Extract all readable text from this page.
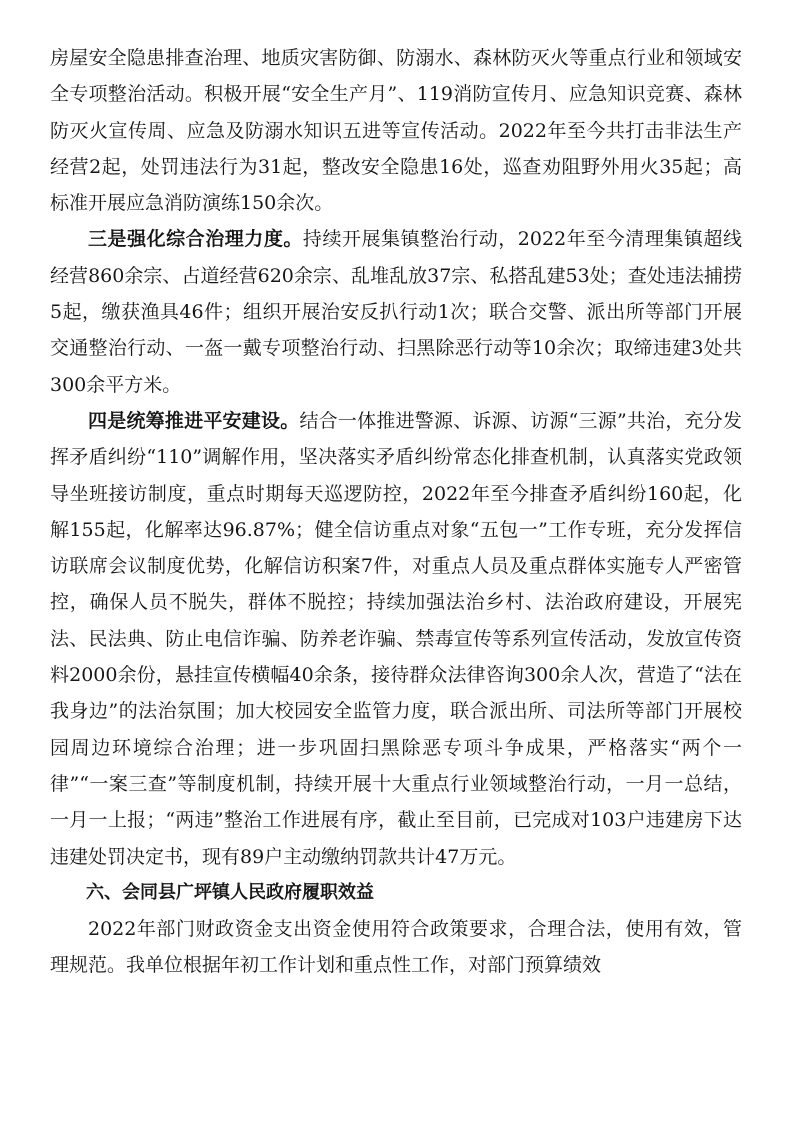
房屋安全隐患排查治理、地质灾害防御、防溺水、森林防灭火等重点行业和领域安全专项整治活动。积极开展“安全生产月”、119消防宣传月、应急知识竞赛、森林防灭火宣传周、应急及防溺水知识五进等宣传活动。2022年至今共打击非法生产经营2起，处罚违法行为31起，整改安全隐患16处，巡查劝阻野外用火35起；高标准开展应急消防演练150余次。

三是强化综合治理力度。持续开展集镇整治行动，2022年至今清理集镇超线经营860余宗、占道经营620余宗、乱堆乱放37宗、私搭乱建53处；查处违法捕捞5起，缴获渔具46件；组织开展治安反扒行动1次；联合交警、派出所等部门开展交通整治行动、一盔一戴专项整治行动、扫黑除恶行动等10余次；取缔违建3处共300余平方米。

四是统筹推进平安建设。结合一体推进警源、诉源、访源“三源”共治，充分发挥矛盾纠纷“110”调解作用，坚决落实矛盾纠纷常态化排查机制，认真落实党政领导坐班接访制度，重点时期每天巡逻防控，2022年至今排查矛盾纠纷160起，化解155起，化解率达96.87%；健全信访重点对象“五包一”工作专班，充分发挥信访联席会议制度优势，化解信访积案7件，对重点人员及重点群体实施专人严密管控，确保人员不脱失，群体不脱控；持续加强法治乡村、法治政府建设，开展宪法、民法典、防止电信诈骗、防养老诈骗、禁毒宣传等系列宣传活动，发放宣传资料2000余份，悬挂宣传横幅40余条，接待群众法律咨询300余人次，营造了“法在我身边”的法治氛围；加大校园安全监管力度，联合派出所、司法所等部门开展校园周边环境综合治理；进一步巩固扫黑除恶专项斗争成果，严格落实“两个一律”“一案三查”等制度机制，持续开展十大重点行业领域整治行动，一月一总结，一月一上报；“两违”整治工作进展有序，截止至目前，已完成对103户违建房下达违建处罚决定书，现有89户主动缴纳罚款共计47万元。

六、会同县广坪镇人民政府履职效益

2022年部门财政资金支出资金使用符合政策要求，合理合法，使用有效，管理规范。我单位根据年初工作计划和重点性工作，对部门预算绩效
